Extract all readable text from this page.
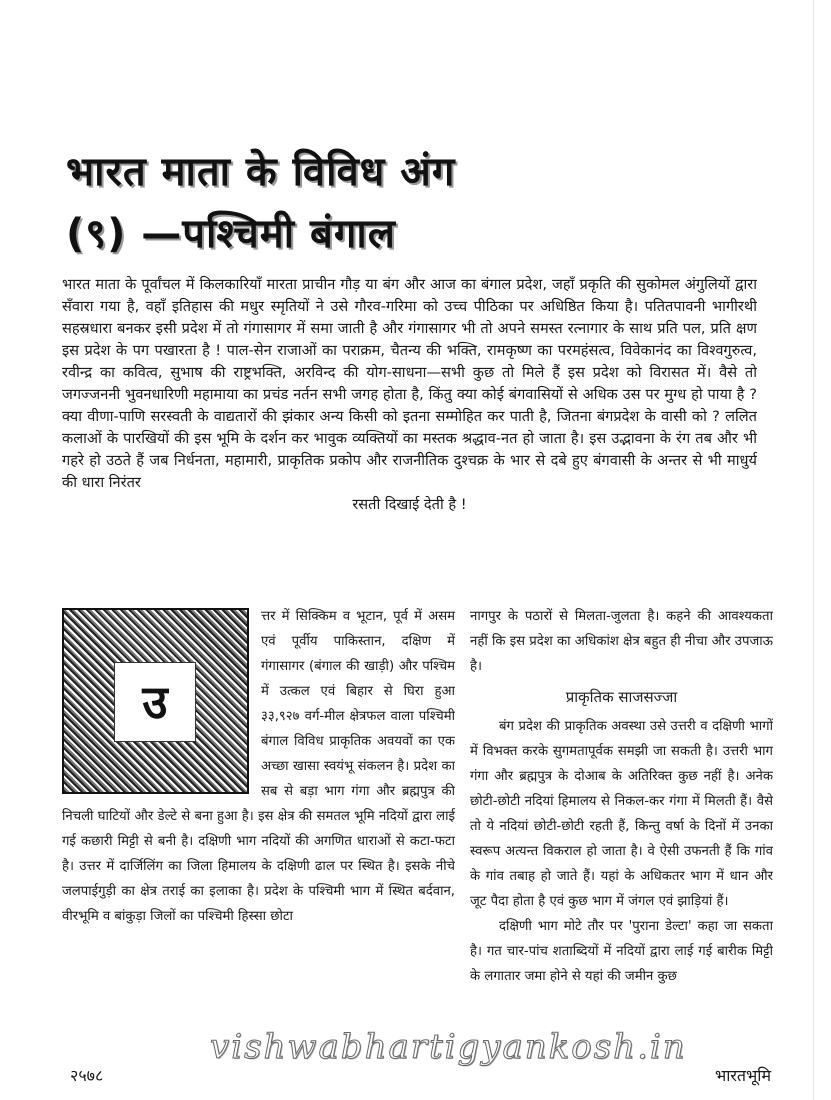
भारत माता के विविध अंग
(९) —पश्चिमी बंगाल
भारत माता के पूर्वांचल में किलकारियाँ मारता प्राचीन गौड़ या बंग और आज का बंगाल प्रदेश, जहाँ प्रकृति की सुकोमल अंगुलियों द्वारा सँवारा गया है, वहाँ इतिहास की मधुर स्मृतियों ने उसे गौरव-गरिमा को उच्च पीठिका पर अधिष्ठित किया है। पतितपावनी भागीरथी सहस्रधारा बनकर इसी प्रदेश में तो गंगासागर में समा जाती है और गंगासागर भी तो अपने समस्त रत्नागार के साथ प्रति पल, प्रति क्षण इस प्रदेश के पग पखारता है ! पाल-सेन राजाओं का पराक्रम, चैतन्य की भक्ति, रामकृष्ण का परमहंसत्व, विवेकानंद का विश्वगुरुत्व, रवीन्द्र का कवित्व, सुभाष की राष्ट्रभक्ति, अरविन्द की योग-साधना—सभी कुछ तो मिले हैं इस प्रदेश को विरासत में। वैसे तो जगज्जननी भुवनधारिणी महामाया का प्रचंड नर्तन सभी जगह होता है, किंतु क्या कोई बंगवासियों से अधिक उस पर मुग्ध हो पाया है ? क्या वीणा-पाणि सरस्वती के वाद्यतारों की झंकार अन्य किसी को इतना सम्मोहित कर पाती है, जितना बंगप्रदेश के वासी को ? ललित कलाओं के पारखियों की इस भूमि के दर्शन कर भावुक व्यक्तियों का मस्तक श्रद्धाव-नत हो जाता है। इस उद्भावना के रंग तब और भी गहरे हो उठते हैं जब निर्धनता, महामारी, प्राकृतिक प्रकोप और राजनीतिक दुश्चक्र के भार से दबे हुए बंगवासी के अन्तर से भी माधुर्य की धारा निरंतर
रसती दिखाई देती है !
उ
त्तर में सिक्किम व भूटान, पूर्व में असम एवं पूर्वीय पाकिस्तान, दक्षिण में गंगासागर (बंगाल की खाड़ी) और पश्चिम में उत्कल एवं बिहार से घिरा हुआ ३३,९२७ वर्ग-मील क्षेत्रफल वाला पश्चिमी बंगाल विविध प्राकृतिक अवयवों का एक अच्छा खासा स्वयंभू संकलन है। प्रदेश का सब से बड़ा भाग गंगा और ब्रह्मपुत्र की निचली घाटियों और डेल्टे से बना हुआ है। इस क्षेत्र की समतल भूमि नदियों द्वारा लाई गई कछारी मिट्टी से बनी है। दक्षिणी भाग नदियों की अगणित धाराओं से कटा-फटा है। उत्तर में दार्जिलिंग का जिला हिमालय के दक्षिणी ढाल पर स्थित है। इसके नीचे जलपाईगुड़ी का क्षेत्र तराई का इलाका है। प्रदेश के पश्चिमी भाग में स्थित बर्दवान, वीरभूमि व बांकुड़ा जिलों का पश्चिमी हिस्सा छोटा
नागपुर के पठारों से मिलता-जुलता है। कहने की आवश्यकता नहीं कि इस प्रदेश का अधिकांश क्षेत्र बहुत ही नीचा और उपजाऊ है।
प्राकृतिक साजसज्जा
बंग प्रदेश की प्राकृतिक अवस्था उसे उत्तरी व दक्षिणी भागों में विभक्त करके सुगमतापूर्वक समझी जा सकती है। उत्तरी भाग गंगा और ब्रह्मपुत्र के दोआब के अतिरिक्त कुछ नहीं है। अनेक छोटी-छोटी नदियां हिमालय से निकल-कर गंगा में मिलती हैं। वैसे तो ये नदियां छोटी-छोटी रहती हैं, किन्तु वर्षा के दिनों में उनका स्वरूप अत्यन्त विकराल हो जाता है। वे ऐसी उफनती हैं कि गांव के गांव तबाह हो जाते हैं। यहां के अधिकतर भाग में धान और जूट पैदा होता है एवं कुछ भाग में जंगल एवं झाड़ियां हैं।
दक्षिणी भाग मोटे तौर पर 'पुराना डेल्टा' कहा जा सकता है। गत चार-पांच शताब्दियों में नदियों द्वारा लाई गई बारीक मिट्टी के लगातार जमा होने से यहां की जमीन कुछ
vishwabhartigyankosh.in
२५७८	भारतभूमि
